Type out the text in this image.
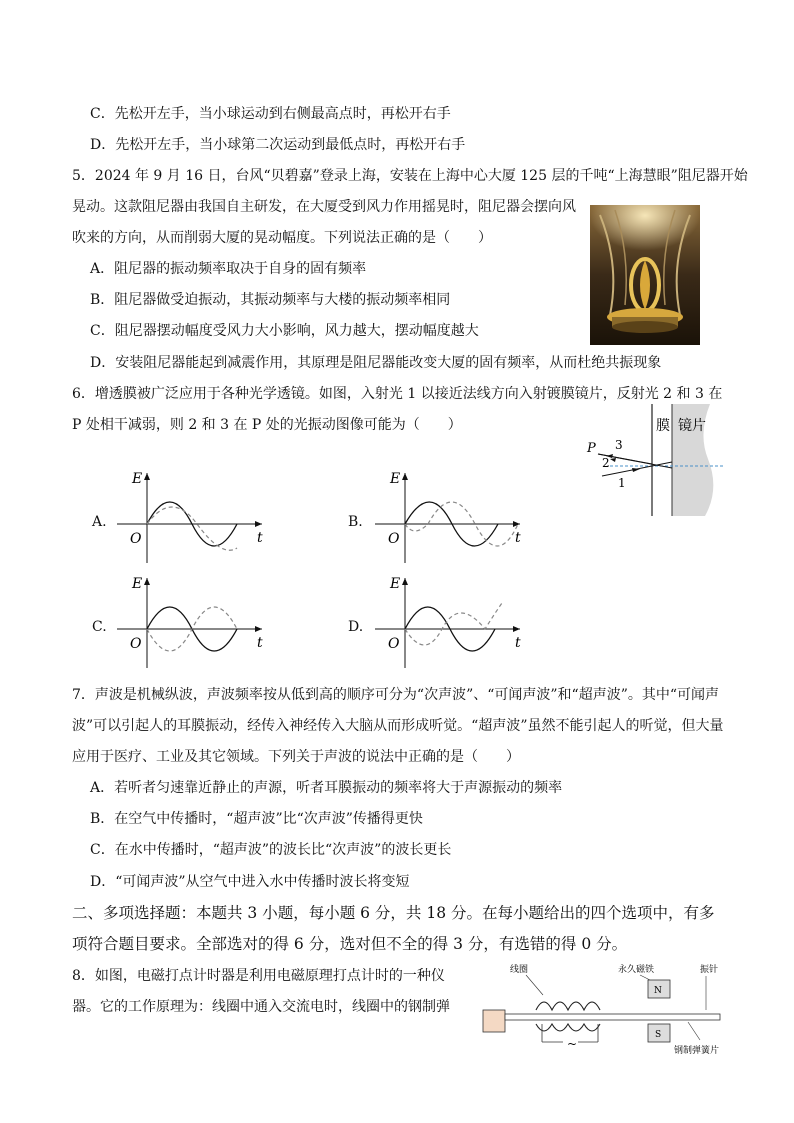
C．先松开左手，当小球运动到右侧最高点时，再松开右手
D．先松开左手，当小球第二次运动到最低点时，再松开右手
5．2024 年 9 月 16 日，台风“贝碧嘉”登录上海，安装在上海中心大厦 125 层的千吨“上海慧眼”阻尼器开始
晃动。这款阻尼器由我国自主研发，在大厦受到风力作用摇晃时，阻尼器会摆向风
吹来的方向，从而削弱大厦的晃动幅度。下列说法正确的是（　　）
A．阻尼器的振动频率取决于自身的固有频率
B．阻尼器做受迫振动，其振动频率与大楼的振动频率相同
C．阻尼器摆动幅度受风力大小影响，风力越大，摆动幅度越大
D．安装阻尼器能起到减震作用，其原理是阻尼器能改变大厦的固有频率，从而杜绝共振现象
6．增透膜被广泛应用于各种光学透镜。如图，入射光 1 以接近法线方向入射镀膜镜片，反射光 2 和 3 在
P 处相干减弱，则 2 和 3 在 P 处的光振动图像可能为（　　）
P 3
2
1
膜 镜片
A.	B.
C.	D.
E
O	t
E
O	t
E
O	t
E
O	t
7．声波是机械纵波，声波频率按从低到高的顺序可分为“次声波”、“可闻声波”和“超声波”。其中“可闻声
波”可以引起人的耳膜振动，经传入神经传入大脑从而形成听觉。“超声波”虽然不能引起人的听觉，但大量
应用于医疗、工业及其它领域。下列关于声波的说法中正确的是（　　）
A．若听者匀速靠近静止的声源，听者耳膜振动的频率将大于声源振动的频率
B．在空气中传播时，“超声波”比“次声波”传播得更快
C．在水中传播时，“超声波”的波长比“次声波”的波长更长
D．“可闻声波”从空气中进入水中传播时波长将变短
二、多项选择题：本题共 3 小题，每小题 6 分，共 18 分。在每小题给出的四个选项中，有多
项符合题目要求。全部选对的得 6 分，选对但不全的得 3 分，有选错的得 0 分。
8．如图，电磁打点计时器是利用电磁原理打点计时的一种仪
器。它的工作原理为：线圈中通入交流电时，线圈中的钢制弹
线圈	永久磁铁	振针
N
S
~	钢制弹簧片
